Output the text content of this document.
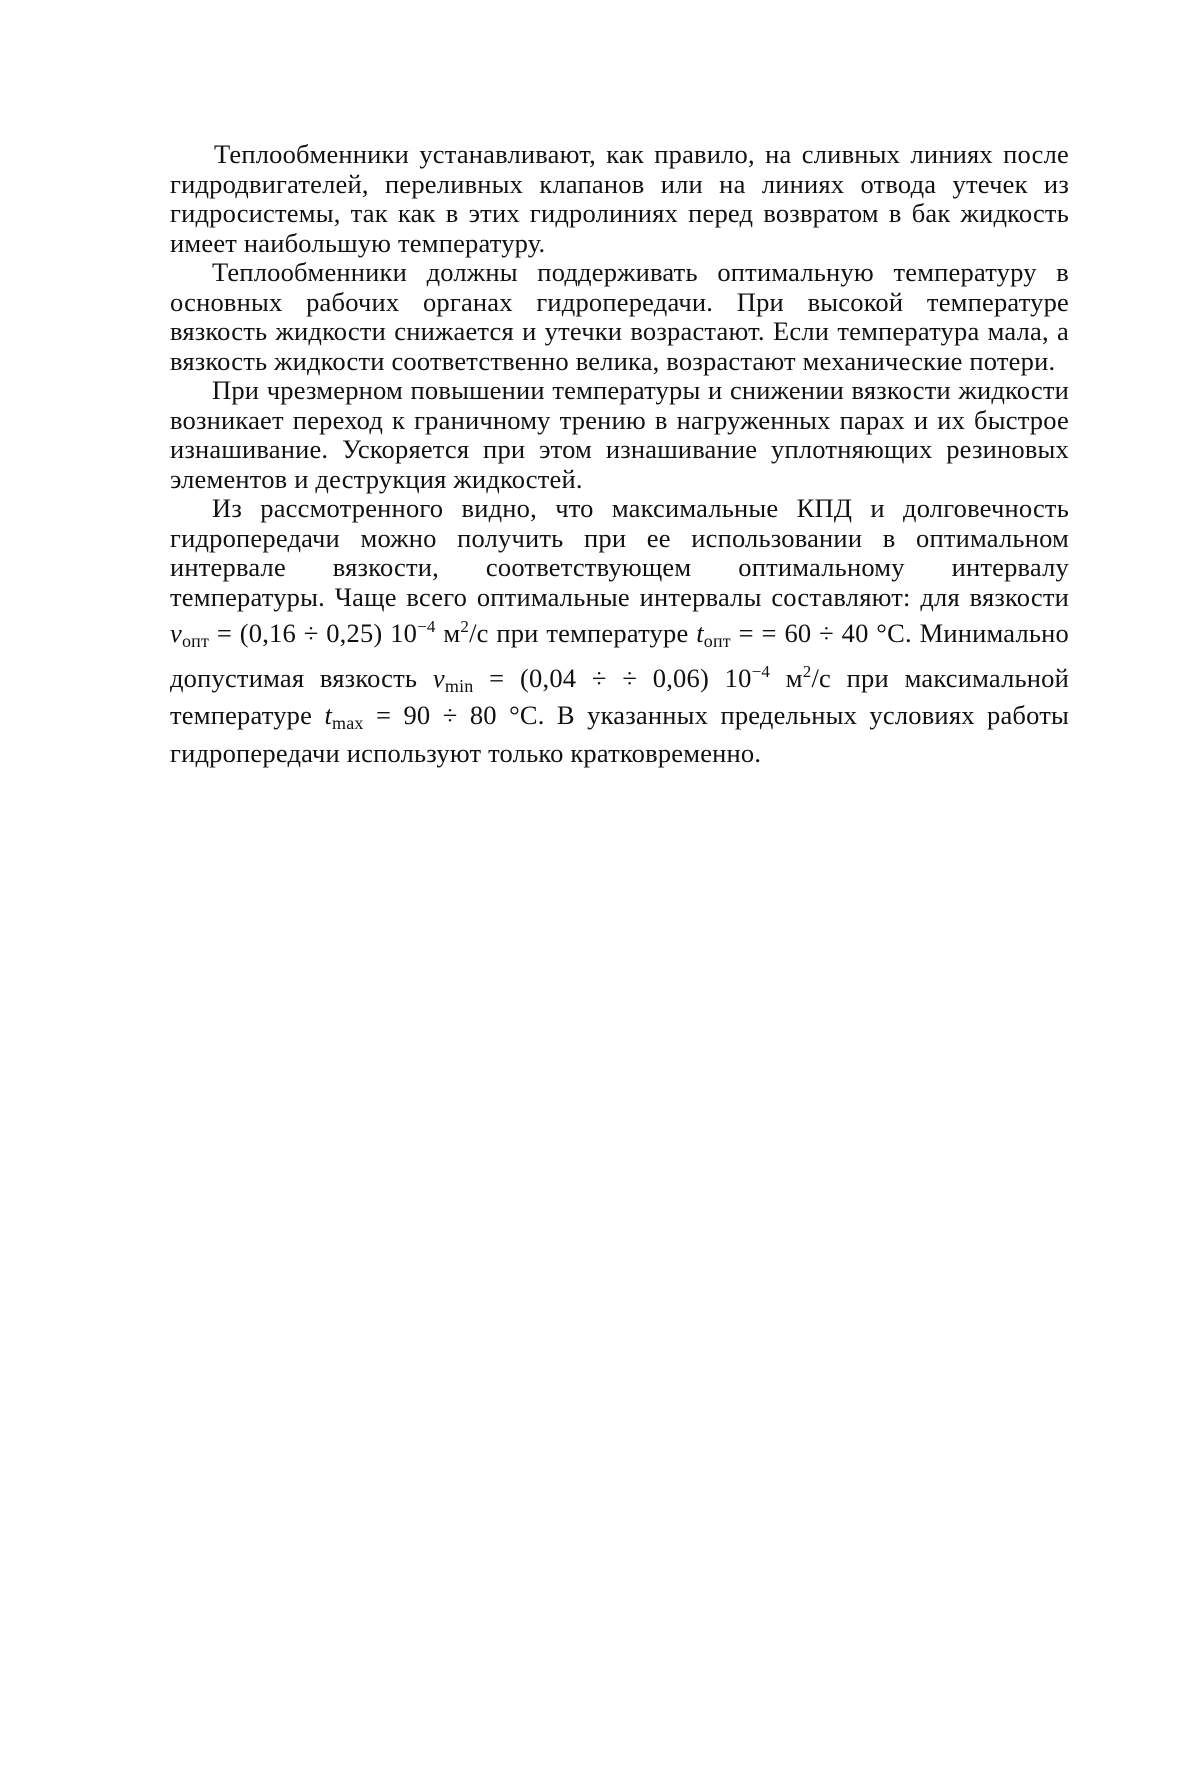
Теплообменники устанавливают, как правило, на сливных линиях после гидродвигателей, переливных клапанов или на линиях отвода утечек из гидросистемы, так как в этих гидролиниях перед возвратом в бак жидкость имеет наибольшую температуру.

Теплообменники должны поддерживать оптимальную температуру в основных рабочих органах гидропередачи. При высокой температуре вязкость жидкости снижается и утечки возрастают. Если температура мала, а вязкость жидкости соответственно велика, возрастают механические потери.

При чрезмерном повышении температуры и снижении вязкости жидкости возникает переход к граничному трению в нагруженных парах и их быстрое изнашивание. Ускоряется при этом изнашивание уплотняющих резиновых элементов и деструкция жидкостей.

Из рассмотренного видно, что максимальные КПД и долговечность гидропередачи можно получить при ее использовании в оптимальном интервале вязкости, соответствующем оптимальному интервалу температуры. Чаще всего оптимальные интервалы составляют: для вязкости $\nu_{опт} = (0,16 \div 0,25)$ $10^{-4}$ $м^2/с$ при температуре $t_{опт}$ = = 60 ÷ 40 °С. Минимально допустимая вязкость $\nu_{min} = (0,04$ ÷ ÷ 0,06) $10^{-4}$ $м^2/с$ при максимальной температуре $t_{max} = 90 \div 80$ °С. В указанных предельных условиях работы гидропередачи используют только кратковременно.
